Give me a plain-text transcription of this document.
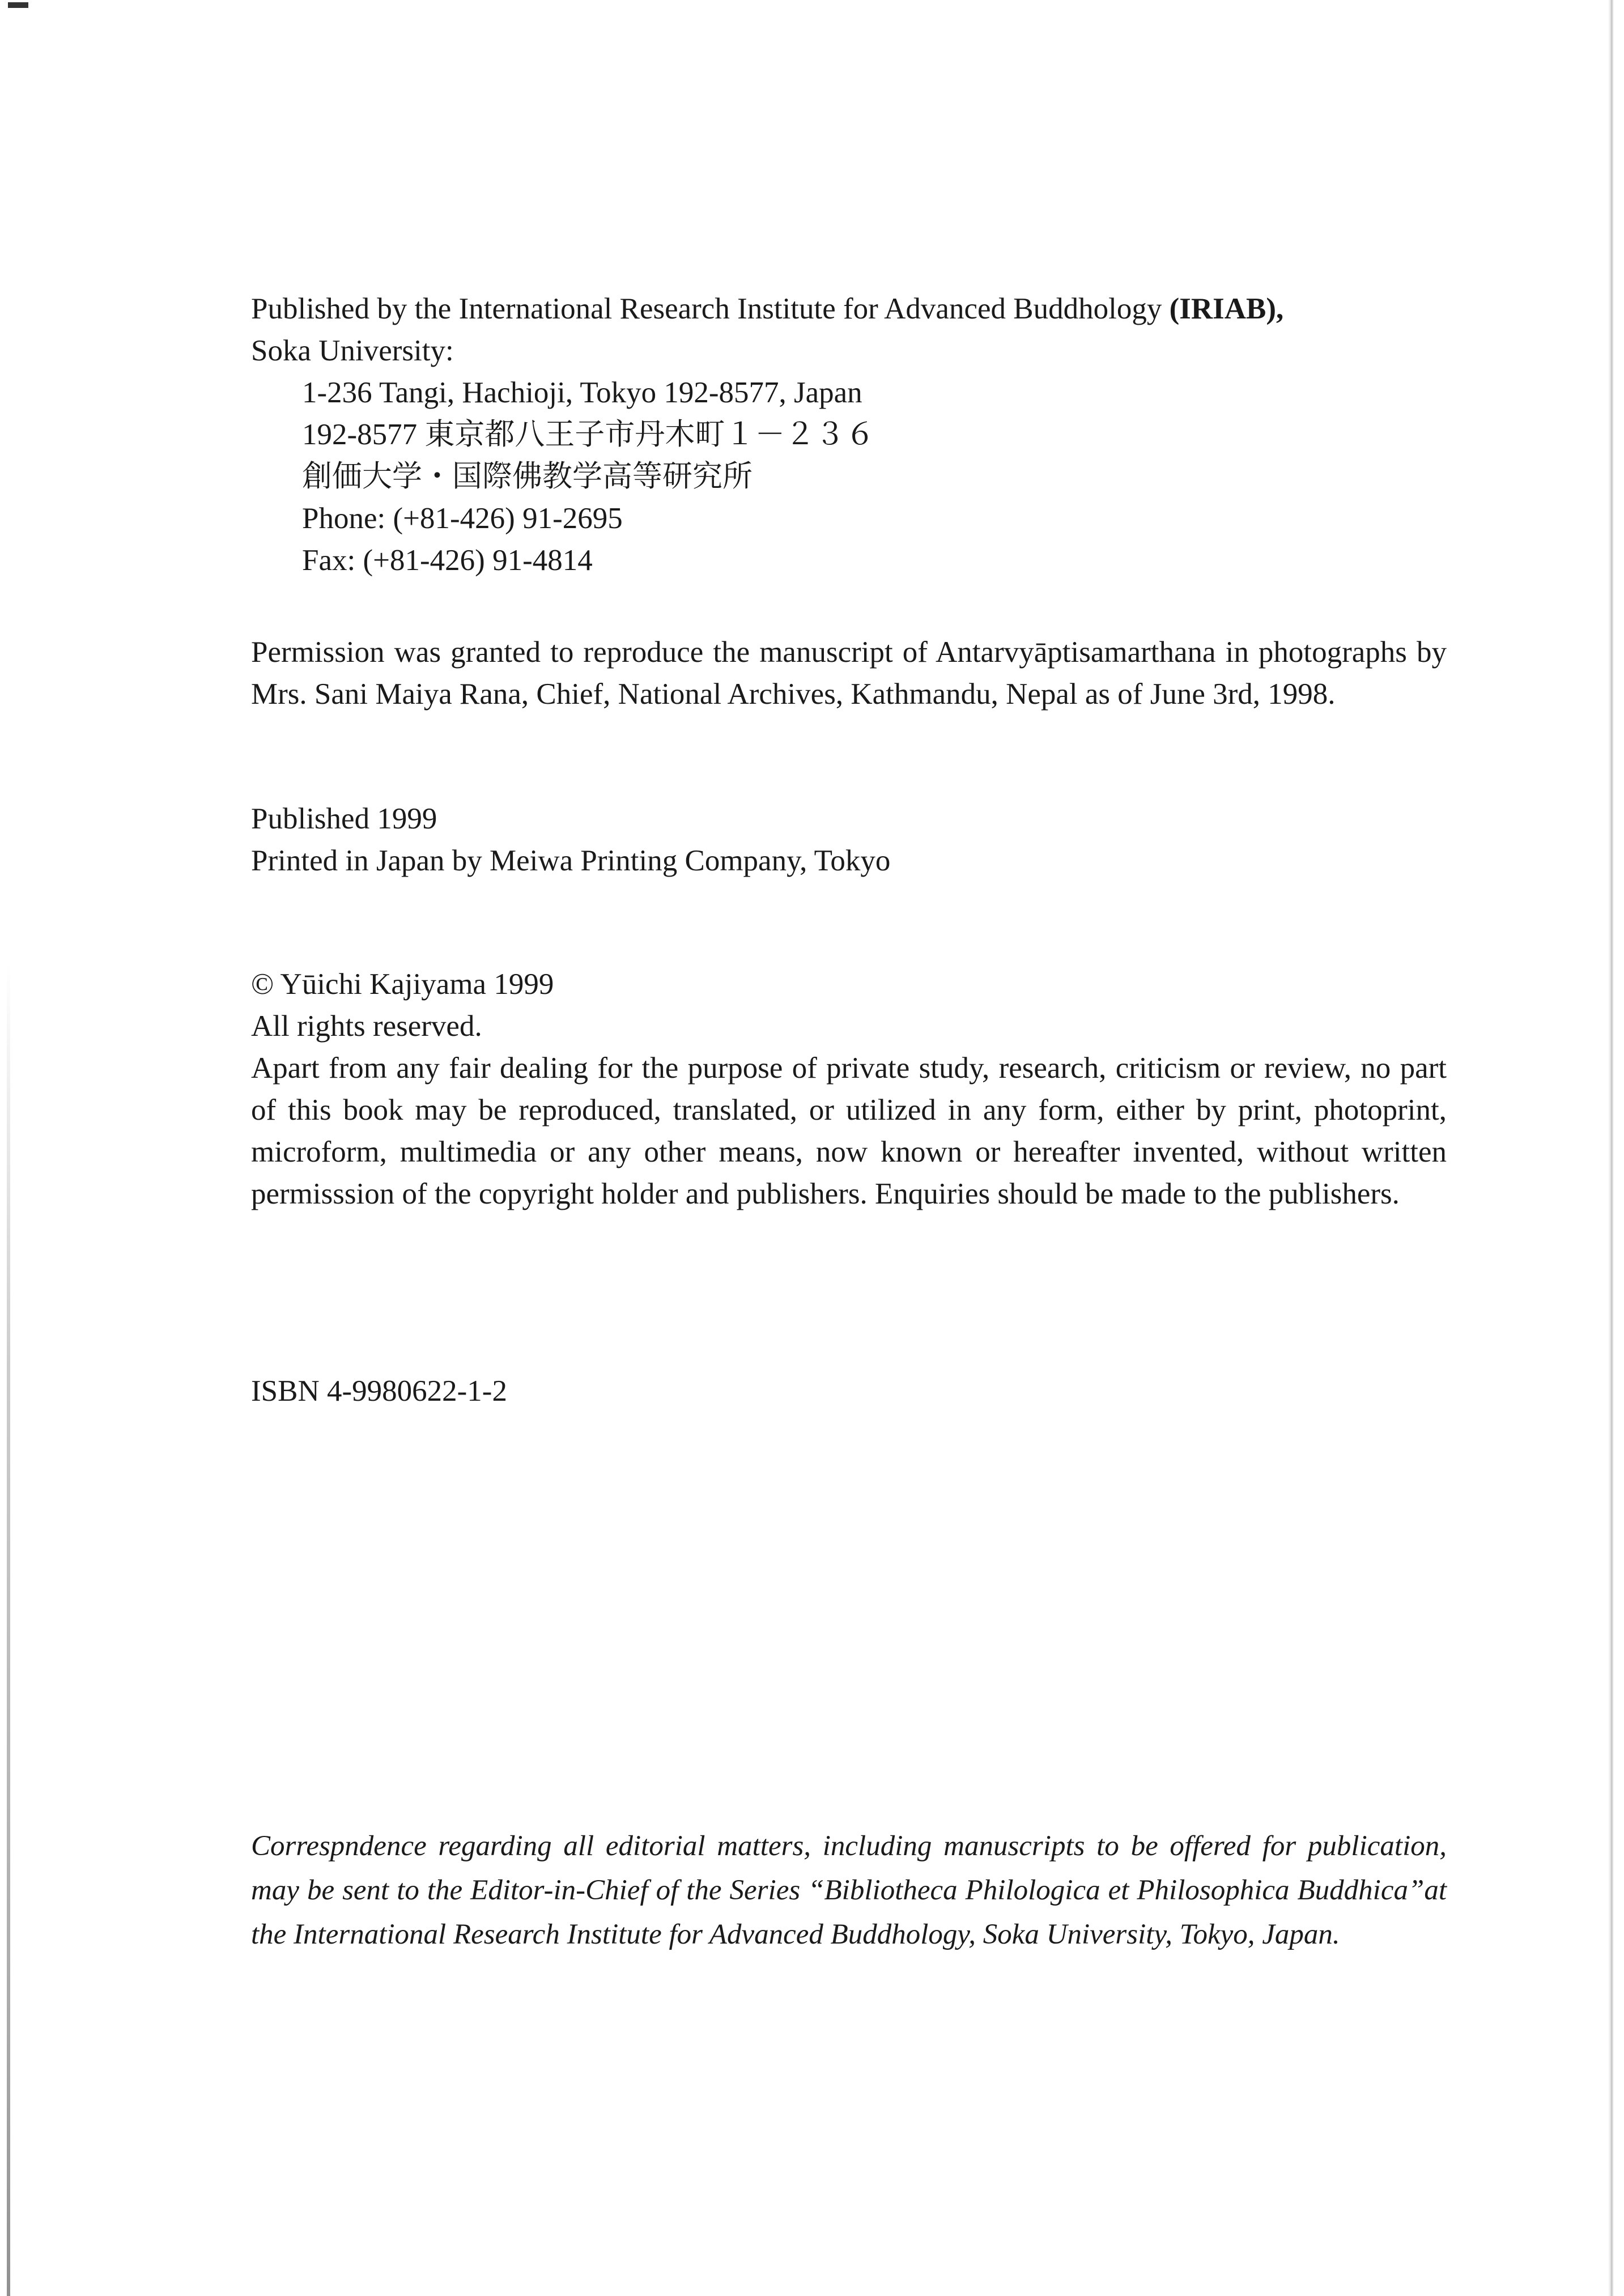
Published by the International Research Institute for Advanced Buddhology (IRIAB),
Soka University:
1-236 Tangi, Hachioji, Tokyo 192-8577, Japan
192-8577 東京都八王子市丹木町１－２３６
創価大学・国際佛教学高等研究所
Phone: (+81-426) 91-2695
Fax: (+81-426) 91-4814
Permission was granted to reproduce the manuscript of Antarvyāptisamarthana in photographs by Mrs. Sani Maiya Rana, Chief, National Archives, Kathmandu, Nepal as of June 3rd, 1998.
Published 1999
Printed in Japan by Meiwa Printing Company, Tokyo
© Yūichi Kajiyama 1999
All rights reserved.
Apart from any fair dealing for the purpose of private study, research, criticism or review, no part of this book may be reproduced, translated, or utilized in any form, either by print, photoprint, microform, multimedia or any other means, now known or hereafter invented, without written permisssion of the copyright holder and publishers. Enquiries should be made to the publishers.
ISBN 4-9980622-1-2
Correspndence regarding all editorial matters, including manuscripts to be offered for publication, may be sent to the Editor-in-Chief of the Series “Bibliotheca Philologica et Philosophica Buddhica”at the International Research Institute for Advanced Buddhology, Soka University, Tokyo, Japan.
